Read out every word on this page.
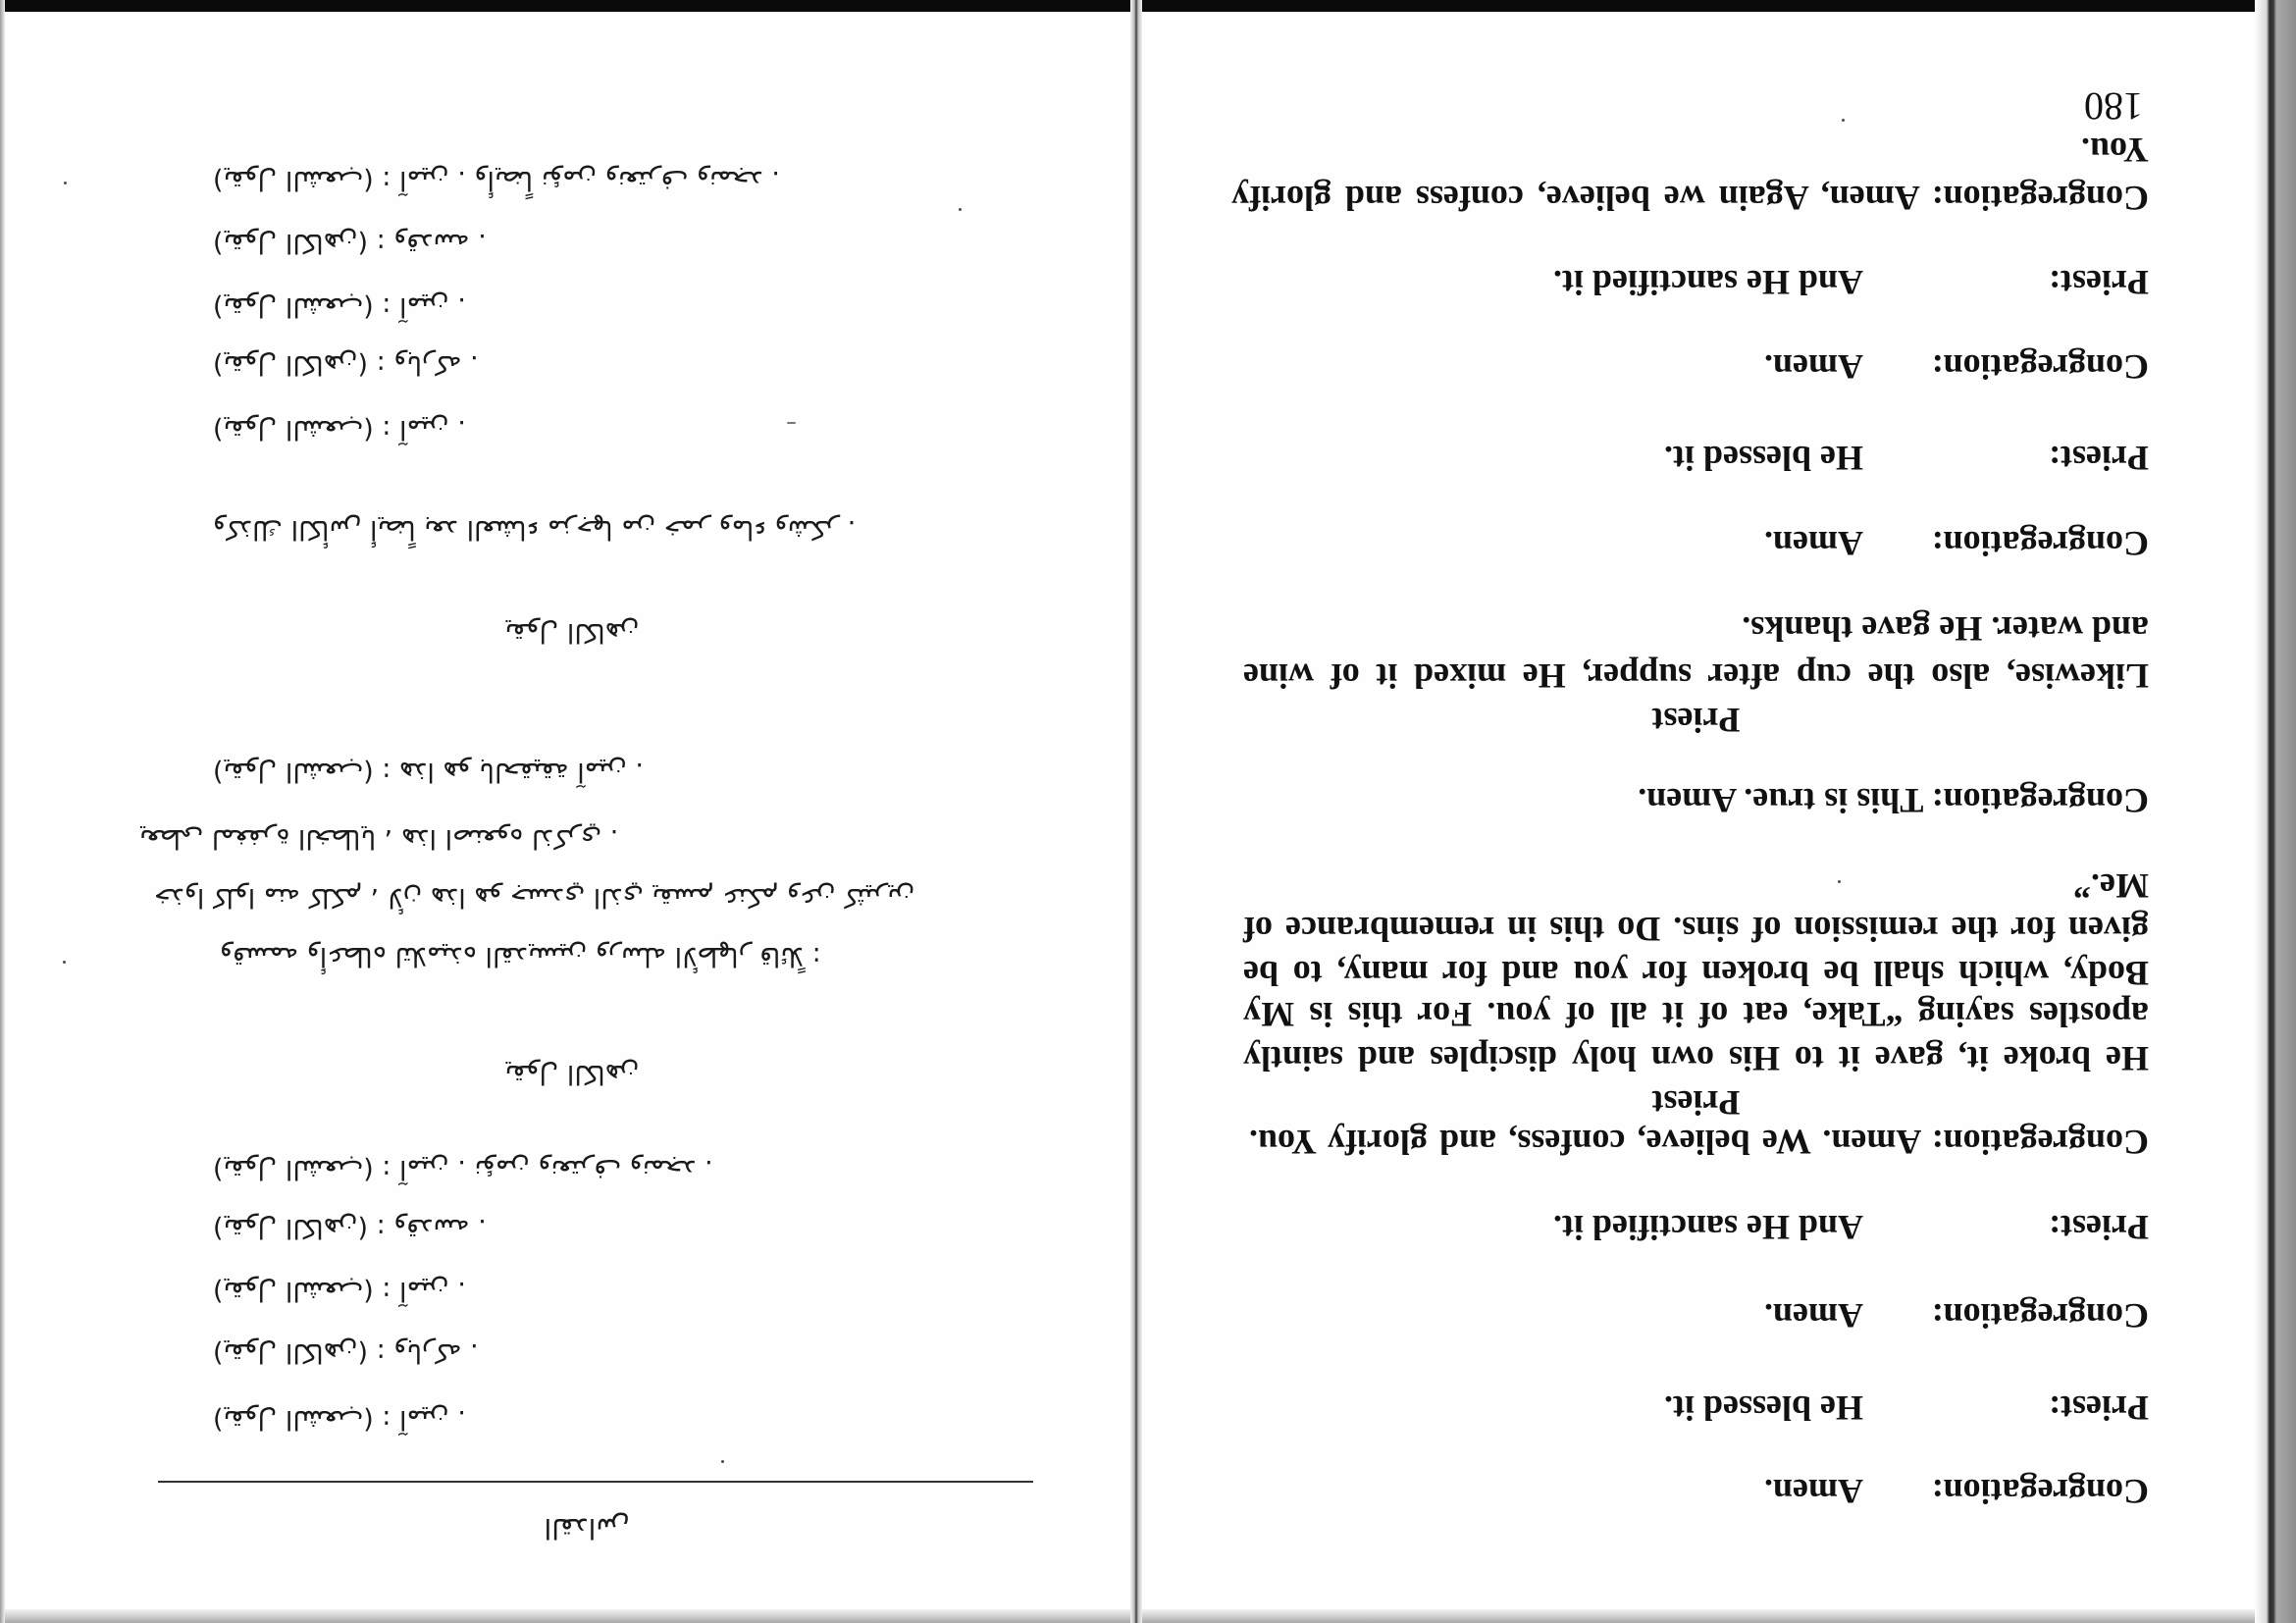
Congregation:Amen.
Priest:He blessed it.
Congregation:Amen.
Priest:And He sanctified it.
Congregation: Amen. We believe, confess, and glorify You.
Priest
He broke it, gave it to His own holy disciples and saintly
apostles saying “Take, eat of it all of you. For this is My
Body, which shall be broken for you and for many, to be
given for the remission of sins. Do this in remembrance of
Me.”
Congregation: This is true. Amen.
Priest
Likewise, also the cup after supper, He mixed it of wine
and water. He gave thanks.
Congregation:Amen.
Priest:He blessed it.
Congregation:Amen.
Priest:And He sanctified it.
Congregation: Amen, Again we believe, confess and glorify
You.
180
القداس
(يقول الشعب) : آمين .
(يقول الكاهن) : وباركه .
(يقول الشعب) : آمين .
(يقول الكاهن) : وقدسه .
(يقول الشعب) : آمين . نؤمن ونعترف ونمجد .
يقول الكاهن
وقسمه وأعطاه لتلاميذه القديسين ورسله الأطهار قائلاً :
خذوا كلوا منه كلكم ، لأن هذا هو جسدي الذي يقسم عنكم وعن كثيرين
يعطى لمغفرة الخطايا ، هذا اصنعوه لذكري .
(يقول الشعب) : هذا هو بالحقيقة آمين .
يقول الكاهن
وكذلك الكأس أيضاً بعد العشاء مزجها من خمر وماء وشكر .
(يقول الشعب) : آمين .
(يقول الكاهن) : وباركه .
(يقول الشعب) : آمين .
(يقول الكاهن) : وقدسه .
(يقول الشعب) : آمين . وأيضاً نؤمن ونعترف ونمجد .
